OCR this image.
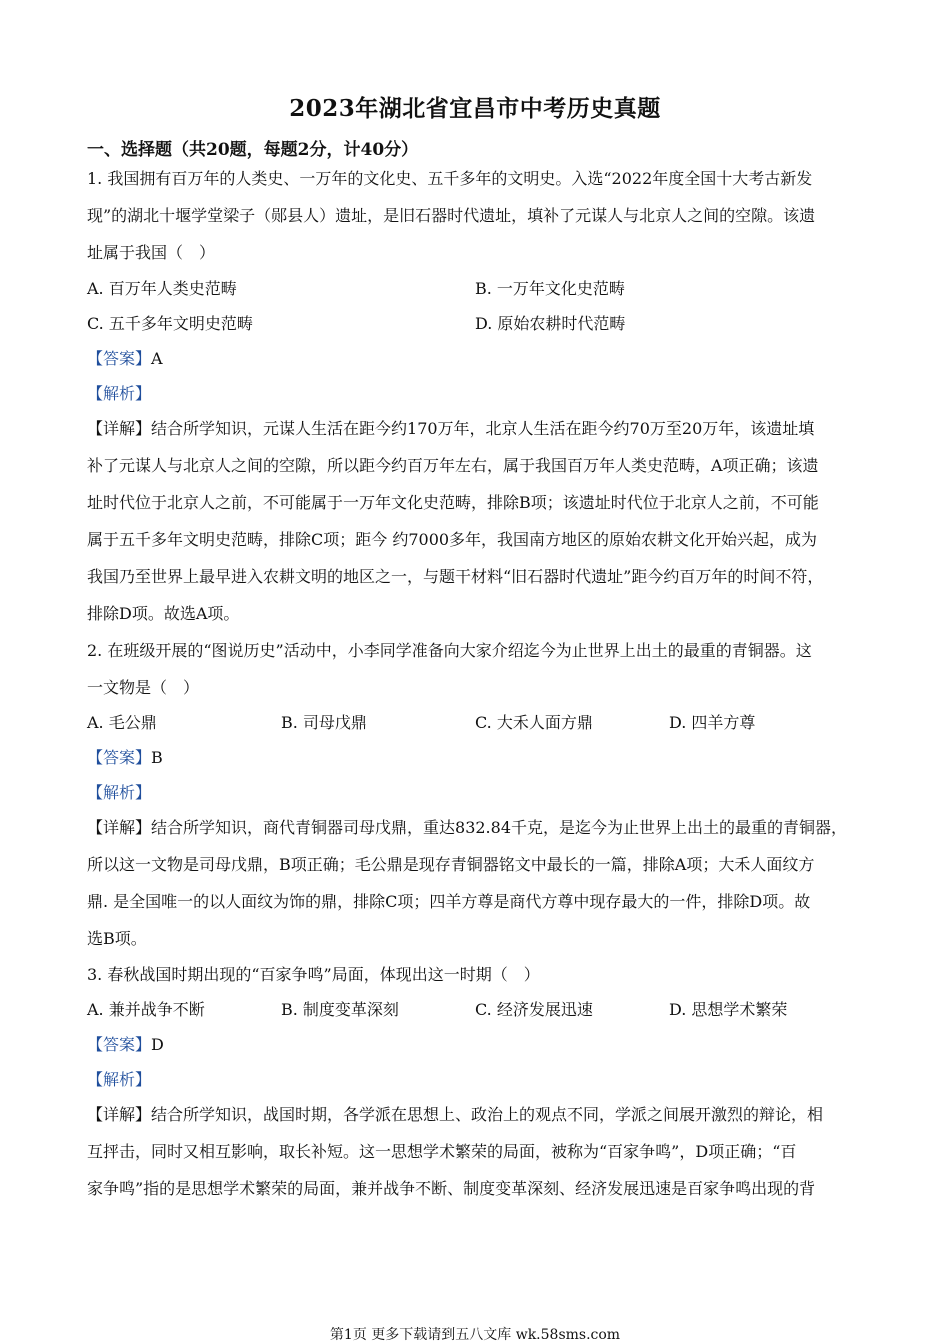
2023年湖北省宜昌市中考历史真题
一、选择题（共20题，每题2分，计40分）
1. 我国拥有百万年的人类史、一万年的文化史、五千多年的文明史。入选“2022年度全国十大考古新发
现”的湖北十堰学堂梁子（郧县人）遗址，是旧石器时代遗址，填补了元谋人与北京人之间的空隙。该遗
址属于我国（　）
A. 百万年人类史范畴	B. 一万年文化史范畴
C. 五千多年文明史范畴	D. 原始农耕时代范畴
【答案】A
【解析】
【详解】结合所学知识，元谋人生活在距今约170万年，北京人生活在距今约70万至20万年，该遗址填
补了元谋人与北京人之间的空隙，所以距今约百万年左右，属于我国百万年人类史范畴，A项正确；该遗
址时代位于北京人之前，不可能属于一万年文化史范畴，排除B项；该遗址时代位于北京人之前，不可能
属于五千多年文明史范畴，排除C项；距今 约7000多年，我国南方地区的原始农耕文化开始兴起，成为
我国乃至世界上最早进入农耕文明的地区之一，与题干材料“旧石器时代遗址”距今约百万年的时间不符，
排除D项。故选A项。
2. 在班级开展的“图说历史”活动中，小李同学准备向大家介绍迄今为止世界上出土的最重的青铜器。这
一文物是（　）
A. 毛公鼎	B. 司母戊鼎	C. 大禾人面方鼎	D. 四羊方尊
【答案】B
【解析】
【详解】结合所学知识，商代青铜器司母戊鼎，重达832.84千克，是迄今为止世界上出土的最重的青铜器，
所以这一文物是司母戊鼎，B项正确；毛公鼎是现存青铜器铭文中最长的一篇，排除A项；大禾人面纹方
鼎. 是全国唯一的以人面纹为饰的鼎，排除C项；四羊方尊是商代方尊中现存最大的一件，排除D项。故
选B项。
3. 春秋战国时期出现的“百家争鸣”局面，体现出这一时期（　）
A. 兼并战争不断	B. 制度变革深刻	C. 经济发展迅速	D. 思想学术繁荣
【答案】D
【解析】
【详解】结合所学知识，战国时期，各学派在思想上、政治上的观点不同，学派之间展开激烈的辩论，相
互抨击，同时又相互影响，取长补短。这一思想学术繁荣的局面，被称为“百家争鸣”，D项正确；“百
家争鸣”指的是思想学术繁荣的局面，兼并战争不断、制度变革深刻、经济发展迅速是百家争鸣出现的背
第1页 更多下载请到五八文库 wk.58sms.com
